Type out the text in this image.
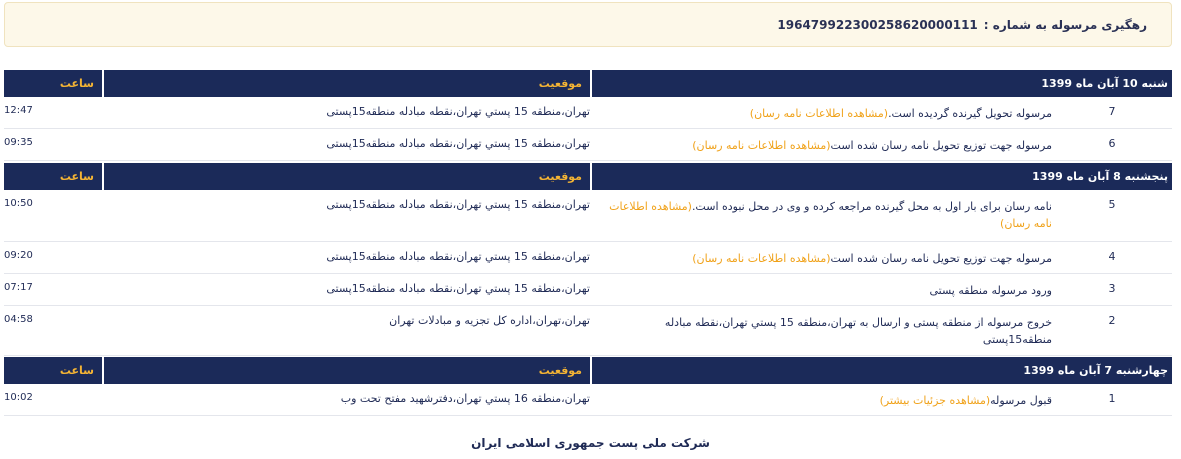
رهگیری مرسوله به شماره :
196479922300258620000111
شنبه 10 آبان ماه 1399
موقعیت
ساعت
7
مرسوله تحویل گیرنده گردیده است.(مشاهده اطلاعات نامه رسان)
تهران،منطقه 15 پستي تهران،نقطه مبادله منطقه15پستی
12:47
6
مرسوله جهت توزیع تحویل نامه رسان شده است(مشاهده اطلاعات نامه رسان)
تهران،منطقه 15 پستي تهران،نقطه مبادله منطقه15پستی
09:35
پنجشنبه 8 آبان ماه 1399
موقعیت
ساعت
5
نامه رسان برای بار اول به محل گیرنده مراجعه کرده و وی در محل نبوده است.(مشاهده اطلاعات نامه رسان)
تهران،منطقه 15 پستي تهران،نقطه مبادله منطقه15پستی
10:50
4
مرسوله جهت توزیع تحویل نامه رسان شده است(مشاهده اطلاعات نامه رسان)
تهران،منطقه 15 پستي تهران،نقطه مبادله منطقه15پستی
09:20
3
ورود مرسوله منطقه پستی
تهران،منطقه 15 پستي تهران،نقطه مبادله منطقه15پستی
07:17
2
خروج مرسوله از منطقه پستی و ارسال به تهران،منطقه 15 پستي تهران،نقطه مبادله منطقه15پستی
تهران،تهران،اداره کل تجزیه و مبادلات تهران
04:58
چهارشنبه 7 آبان ماه 1399
موقعیت
ساعت
1
قبول مرسوله(مشاهده جزئیات بیشتر)
تهران،منطقه 16 پستي تهران،دفترشهيد مفتح تحت وب
10:02
شرکت ملی پست جمهوری اسلامی ایران
